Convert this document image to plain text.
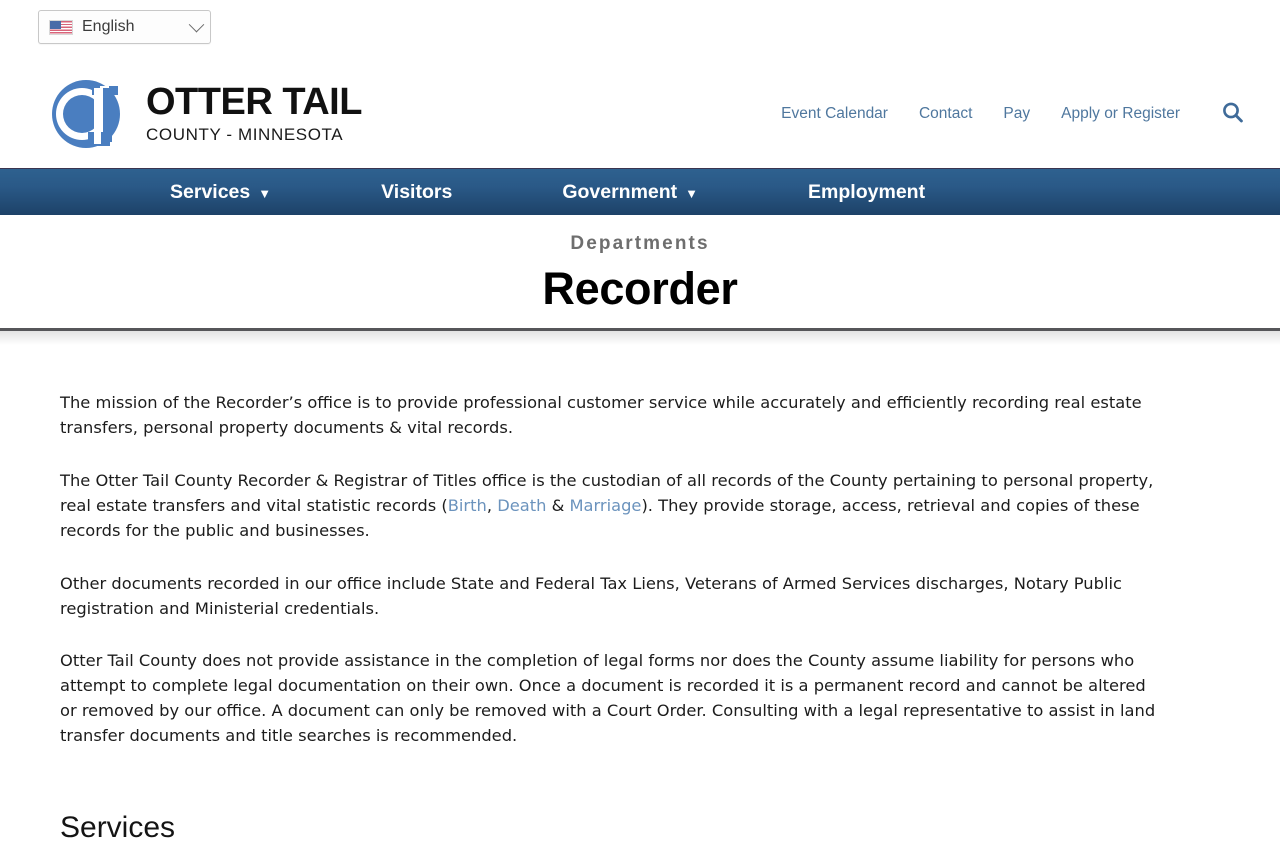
English
OTTER TAIL
COUNTY - MINNESOTA
Event Calendar Contact Pay Apply or Register
Services ▼	Visitors	Government ▼	Employment
Departments
Recorder

The mission of the Recorder’s office is to provide professional customer service while accurately and efficiently recording real estate transfers, personal property documents & vital records.

The Otter Tail County Recorder & Registrar of Titles office is the custodian of all records of the County pertaining to personal property, real estate transfers and vital statistic records (Birth, Death & Marriage). They provide storage, access, retrieval and copies of these records for the public and businesses.

Other documents recorded in our office include State and Federal Tax Liens, Veterans of Armed Services discharges, Notary Public registration and Ministerial credentials.

Otter Tail County does not provide assistance in the completion of legal forms nor does the County assume liability for persons who attempt to complete legal documentation on their own. Once a document is recorded it is a permanent record and cannot be altered or removed by our office. A document can only be removed with a Court Order. Consulting with a legal representative to assist in land transfer documents and title searches is recommended.

Services
